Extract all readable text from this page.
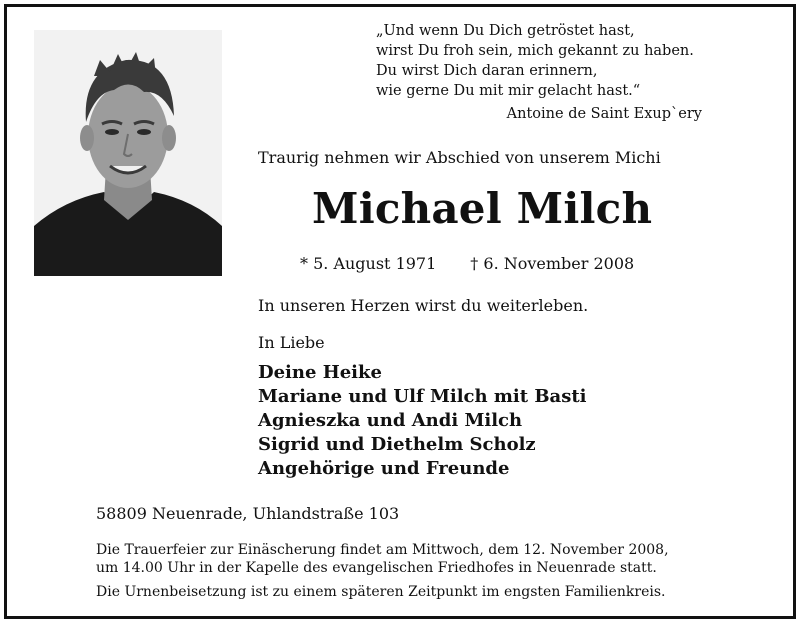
„Und wenn Du Dich getröstet hast,
wirst Du froh sein, mich gekannt zu haben.
Du wirst Dich daran erinnern,
wie gerne Du mit mir gelacht hast.“
Antoine de Saint Exup`ery
Traurig nehmen wir Abschied von unserem Michi
Michael Milch
* 5. August 1971 † 6. November 2008
In unseren Herzen wirst du weiterleben.
In Liebe
Deine Heike
Mariane und Ulf Milch mit Basti
Agnieszka und Andi Milch
Sigrid und Diethelm Scholz
Angehörige und Freunde
58809 Neuenrade, Uhlandstraße 103
Die Trauerfeier zur Einäscherung findet am Mittwoch, dem 12. November 2008,
um 14.00 Uhr in der Kapelle des evangelischen Friedhofes in Neuenrade statt.
Die Urnenbeisetzung ist zu einem späteren Zeitpunkt im engsten Familienkreis.
